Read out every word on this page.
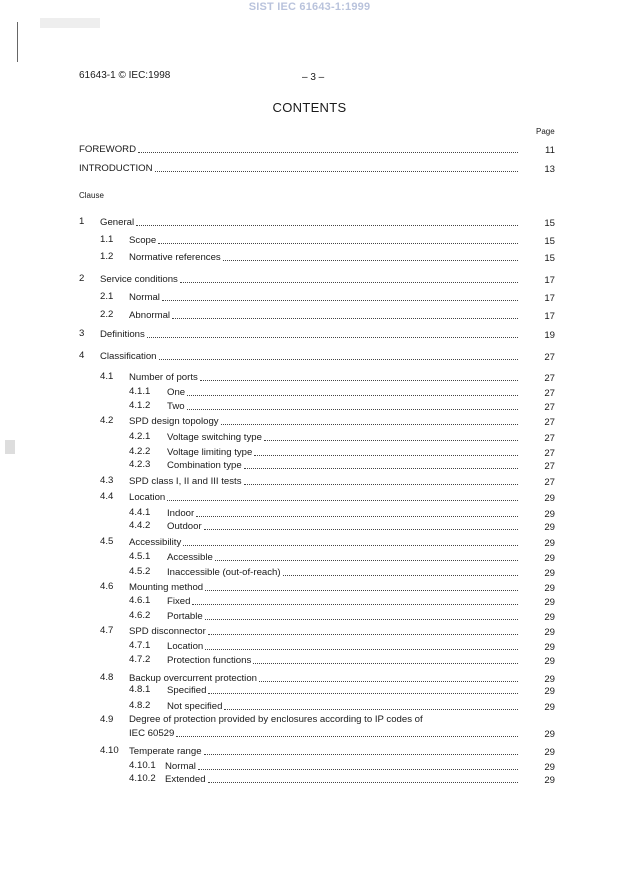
SIST IEC 61643-1:1999
61643-1 © IEC:1998	– 3 –
CONTENTS
Page
Clause
FOREWORD	11
INTRODUCTION	13
1 General	15
1.1 Scope	15
1.2 Normative references	15
2 Service conditions	17
2.1 Normal	17
2.2 Abnormal	17
3 Definitions	19
4 Classification	27
4.1 Number of ports	27
4.1.1 One	27
4.1.2 Two	27
4.2 SPD design topology	27
4.2.1 Voltage switching type	27
4.2.2 Voltage limiting type	27
4.2.3 Combination type	27
4.3 SPD class I, II and III tests	27
4.4 Location	29
4.4.1 Indoor	29
4.4.2 Outdoor	29
4.5 Accessibility	29
4.5.1 Accessible	29
4.5.2 Inaccessible (out-of-reach)	29
4.6 Mounting method	29
4.6.1 Fixed	29
4.6.2 Portable	29
4.7 SPD disconnector	29
4.7.1 Location	29
4.7.2 Protection functions	29
4.8 Backup overcurrent protection	29
4.8.1 Specified	29
4.8.2 Not specified	29
4.9 Degree of protection provided by enclosures according to IP codes of
IEC 60529	29
4.10 Temperate range	29
4.10.1 Normal	29
4.10.2 Extended	29
